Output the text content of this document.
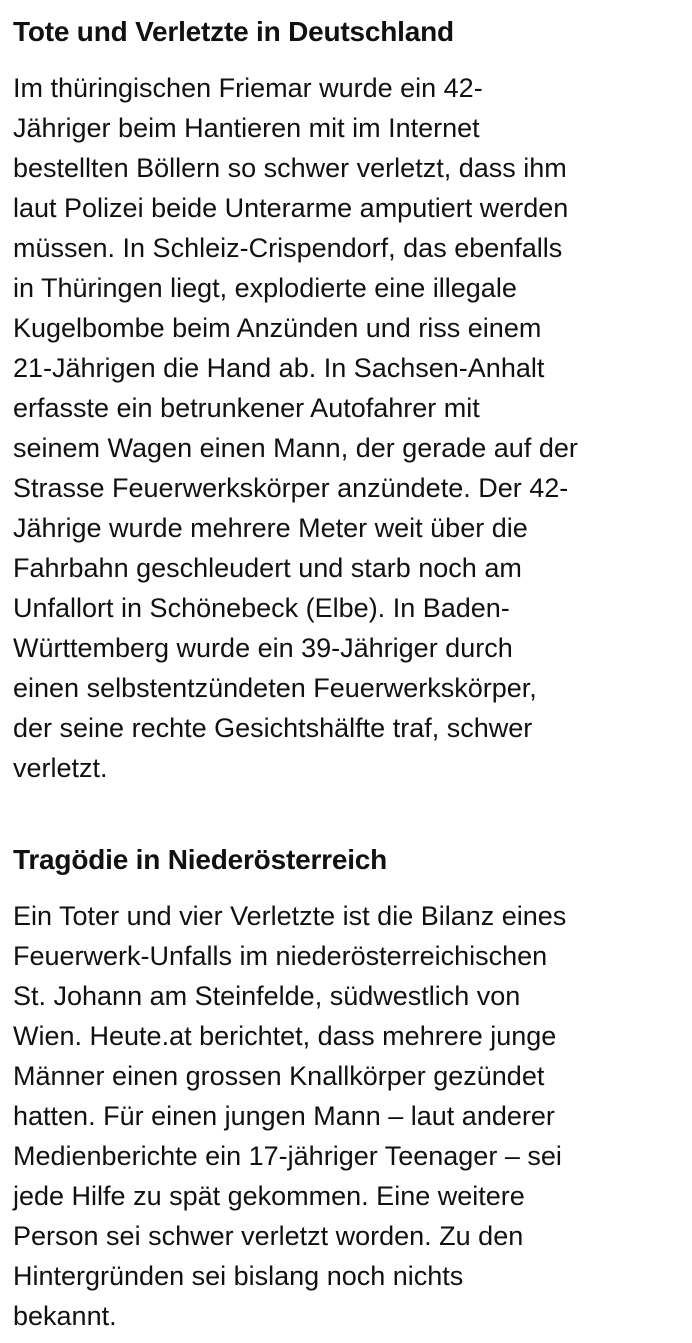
Tote und Verletzte in Deutschland

Im thüringischen Friemar wurde ein 42-
Jähriger beim Hantieren mit im Internet
bestellten Böllern so schwer verletzt, dass ihm
laut Polizei beide Unterarme amputiert werden
müssen. In Schleiz-Crispendorf, das ebenfalls
in Thüringen liegt, explodierte eine illegale
Kugelbombe beim Anzünden und riss einem
21-Jährigen die Hand ab. In Sachsen-Anhalt
erfasste ein betrunkener Autofahrer mit
seinem Wagen einen Mann, der gerade auf der
Strasse Feuerwerkskörper anzündete. Der 42-
Jährige wurde mehrere Meter weit über die
Fahrbahn geschleudert und starb noch am
Unfallort in Schönebeck (Elbe). In Baden-
Württemberg wurde ein 39-Jähriger durch
einen selbstentzündeten Feuerwerkskörper,
der seine rechte Gesichtshälfte traf, schwer
verletzt.

Tragödie in Niederösterreich

Ein Toter und vier Verletzte ist die Bilanz eines
Feuerwerk-Unfalls im niederösterreichischen
St. Johann am Steinfelde, südwestlich von
Wien. Heute.at berichtet, dass mehrere junge
Männer einen grossen Knallkörper gezündet
hatten. Für einen jungen Mann – laut anderer
Medienberichte ein 17-jähriger Teenager – sei
jede Hilfe zu spät gekommen. Eine weitere
Person sei schwer verletzt worden. Zu den
Hintergründen sei bislang noch nichts
bekannt.
